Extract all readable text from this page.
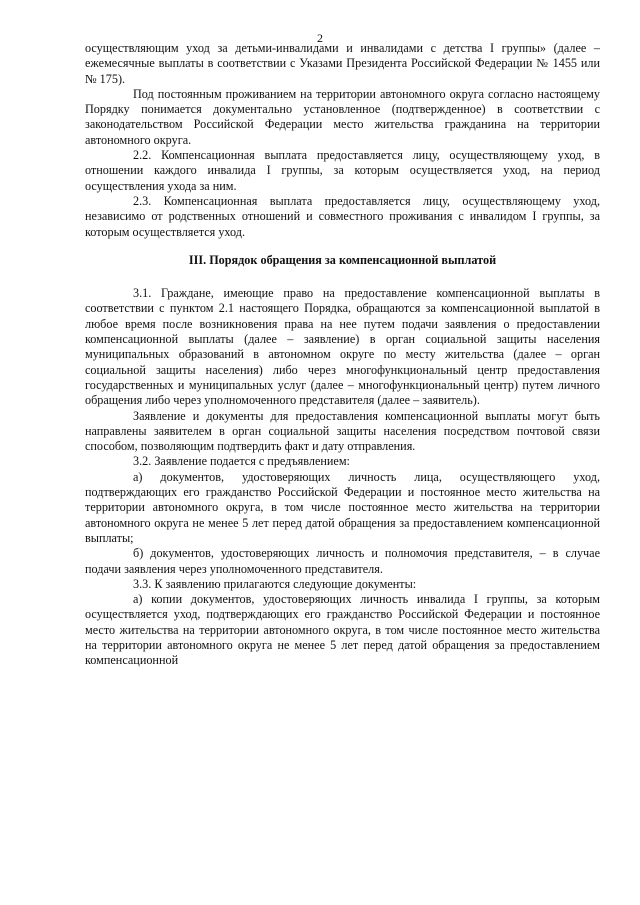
2

осуществляющим уход за детьми-инвалидами и инвалидами с детства I группы» (далее – ежемесячные выплаты в соответствии с Указами Президента Российской Федерации № 1455 или № 175).

Под постоянным проживанием на территории автономного округа согласно настоящему Порядку понимается документально установленное (подтвержденное) в соответствии с законодательством Российской Федерации место жительства гражданина на территории автономного округа.

2.2. Компенсационная выплата предоставляется лицу, осуществляющему уход, в отношении каждого инвалида I группы, за которым осуществляется уход, на период осуществления ухода за ним.

2.3. Компенсационная выплата предоставляется лицу, осуществляющему уход, независимо от родственных отношений и совместного проживания с инвалидом I группы, за которым осуществляется уход.

III. Порядок обращения за компенсационной выплатой

3.1. Граждане, имеющие право на предоставление компенсационной выплаты в соответствии с пунктом 2.1 настоящего Порядка, обращаются за компенсационной выплатой в любое время после возникновения права на нее путем подачи заявления о предоставлении компенсационной выплаты (далее – заявление) в орган социальной защиты населения муниципальных образований в автономном округе по месту жительства (далее – орган социальной защиты населения) либо через многофункциональный центр предоставления государственных и муниципальных услуг (далее – многофункциональный центр) путем личного обращения либо через уполномоченного представителя (далее – заявитель).

Заявление и документы для предоставления компенсационной выплаты могут быть направлены заявителем в орган социальной защиты населения посредством почтовой связи способом, позволяющим подтвердить факт и дату отправления.

3.2. Заявление подается с предъявлением:

а) документов, удостоверяющих личность лица, осуществляющего уход, подтверждающих его гражданство Российской Федерации и постоянное место жительства на территории автономного округа, в том числе постоянное место жительства на территории автономного округа не менее 5 лет перед датой обращения за предоставлением компенсационной выплаты;

б) документов, удостоверяющих личность и полномочия представителя, – в случае подачи заявления через уполномоченного представителя.

3.3. К заявлению прилагаются следующие документы:

а) копии документов, удостоверяющих личность инвалида I группы, за которым осуществляется уход, подтверждающих его гражданство Российской Федерации и постоянное место жительства на территории автономного округа, в том числе постоянное место жительства на территории автономного округа не менее 5 лет перед датой обращения за предоставлением компенсационной
